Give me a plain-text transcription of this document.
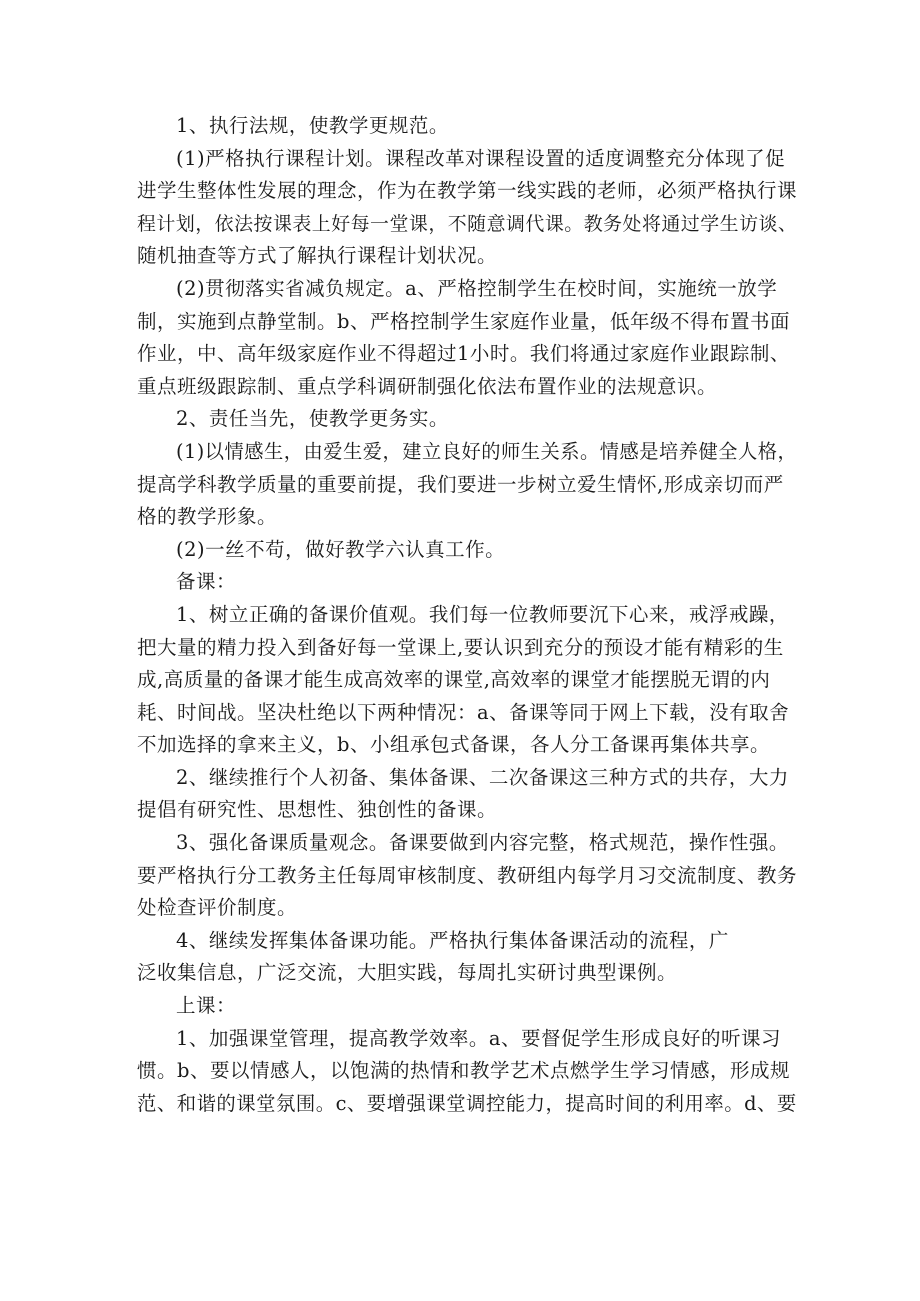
1、执行法规，使教学更规范。
(1)严格执行课程计划。课程改革对课程设置的适度调整充分体现了促
进学生整体性发展的理念，作为在教学第一线实践的老师，必须严格执行课
程计划，依法按课表上好每一堂课，不随意调代课。教务处将通过学生访谈、
随机抽查等方式了解执行课程计划状况。
(2)贯彻落实省减负规定。a、严格控制学生在校时间，实施统一放学
制，实施到点静堂制。b、严格控制学生家庭作业量，低年级不得布置书面
作业，中、高年级家庭作业不得超过1小时。我们将通过家庭作业跟踪制、
重点班级跟踪制、重点学科调研制强化依法布置作业的法规意识。
2、责任当先，使教学更务实。
(1)以情感生，由爱生爱，建立良好的师生关系。情感是培养健全人格，
提高学科教学质量的重要前提，我们要进一步树立爱生情怀,形成亲切而严
格的教学形象。
(2)一丝不苟，做好教学六认真工作。
备课：
1、树立正确的备课价值观。我们每一位教师要沉下心来，戒浮戒躁，
把大量的精力投入到备好每一堂课上,要认识到充分的预设才能有精彩的生
成,高质量的备课才能生成高效率的课堂,高效率的课堂才能摆脱无谓的内
耗、时间战。坚决杜绝以下两种情况：a、备课等同于网上下载，没有取舍
不加选择的拿来主义，b、小组承包式备课，各人分工备课再集体共享。
2、继续推行个人初备、集体备课、二次备课这三种方式的共存，大力
提倡有研究性、思想性、独创性的备课。
3、强化备课质量观念。备课要做到内容完整，格式规范，操作性强。
要严格执行分工教务主任每周审核制度、教研组内每学月习交流制度、教务
处检查评价制度。
4、继续发挥集体备课功能。严格执行集体备课活动的流程，广
泛收集信息，广泛交流，大胆实践，每周扎实研讨典型课例。
上课：
1、加强课堂管理，提高教学效率。a、要督促学生形成良好的听课习
惯。b、要以情感人，以饱满的热情和教学艺术点燃学生学习情感，形成规
范、和谐的课堂氛围。c、要增强课堂调控能力，提高时间的利用率。d、要
